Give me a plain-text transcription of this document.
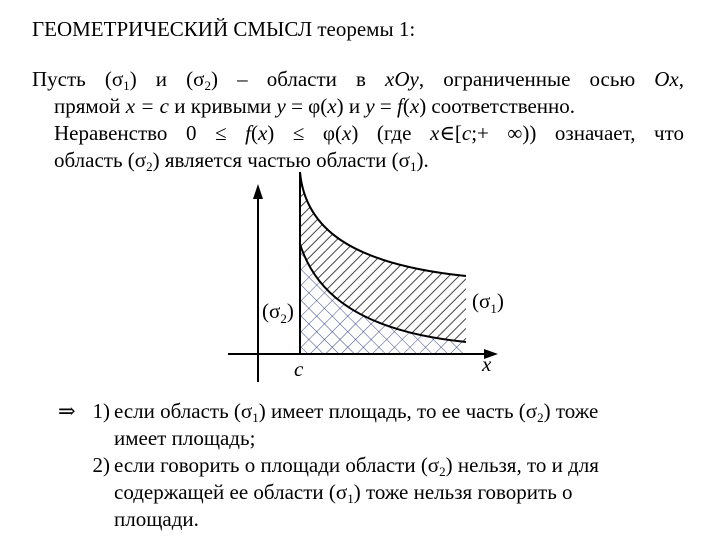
ГЕОМЕТРИЧЕСКИЙ СМЫСЛ теоремы 1:
Пусть $(\sigma_1)$ и $(\sigma_2)$ – области в xOy, ограниченные осью Ox,
прямой x = c и кривыми y = φ(x) и y = f(x) соответственно.
Неравенство 0 ≤ f(x) ≤ φ(x) (где x∈[c;+ ∞)) означает, что
область $(\sigma_2)$ является частью области $(\sigma_1)$.
$(\sigma_1)$
$(\sigma_2)$
x
c
⇒ 1) если область $(\sigma_1)$ имеет площадь, то ее часть $(\sigma_2)$ тоже
имеет площадь;
2) если говорить о площади области $(\sigma_2)$ нельзя, то и для
содержащей ее области $(\sigma_1)$ тоже нельзя говорить о
площади.
